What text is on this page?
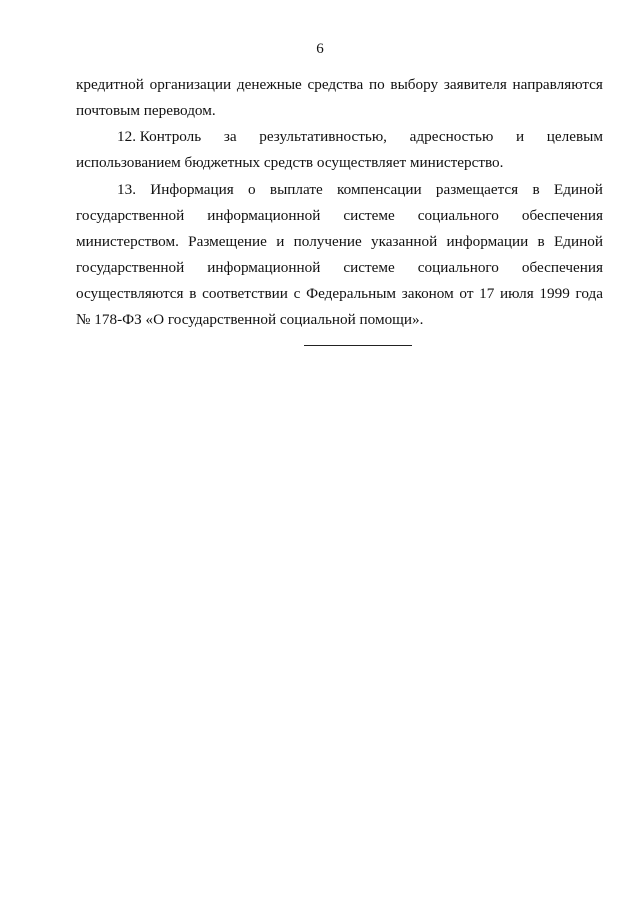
6
кредитной организации денежные средства по выбору заявителя направляются
почтовым переводом.
12. Контроль за результативностью, адресностью и целевым
использованием бюджетных средств осуществляет министерство.
13. Информация о выплате компенсации размещается в Единой
государственной информационной системе социального обеспечения
министерством. Размещение и получение указанной информации в Единой
государственной информационной системе социального обеспечения
осуществляются в соответствии с Федеральным законом от 17 июля 1999 года
№ 178-ФЗ «О государственной социальной помощи».
